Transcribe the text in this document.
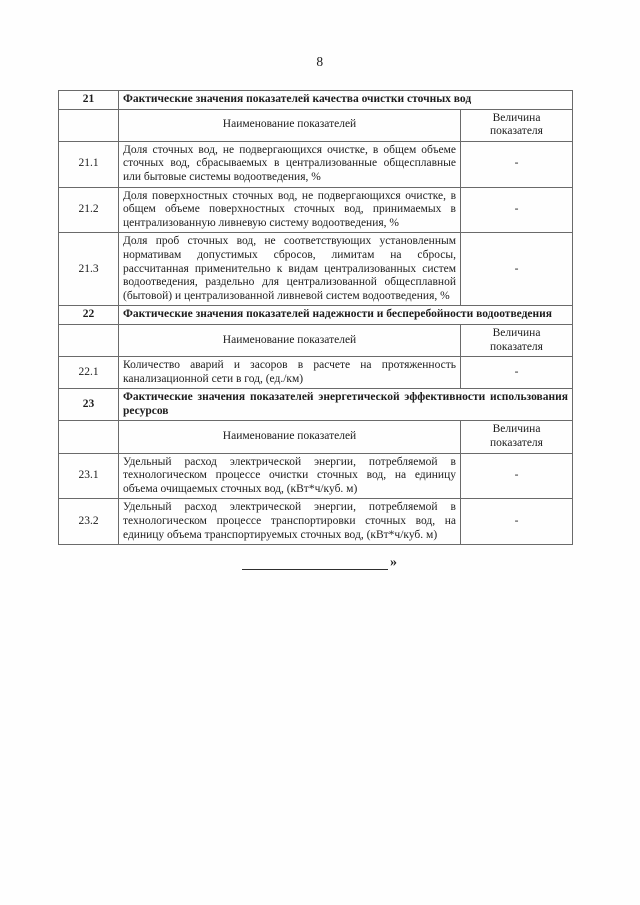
8
21	Фактические значения показателей качества очистки сточных вод	
	Наименование показателей	Величина показателя
21.1	Доля сточных вод, не подвергающихся очистке, в общем объеме сточных вод, сбрасываемых в централизованные общесплавные или бытовые системы водоотведения, %	-
21.2	Доля поверхностных сточных вод, не подвергающихся очистке, в общем объеме поверхностных сточных вод, принимаемых в централизованную ливневую систему водоотведения, %	-
21.3	Доля проб сточных вод, не соответствующих установленным нормативам допустимых сбросов, лимитам на сбросы, рассчитанная применительно к видам централизованных систем водоотведения, раздельно для централизованной общесплавной (бытовой) и централизованной ливневой систем водоотведения, %	-
22	Фактические значения показателей надежности и бесперебойности водоотведения	
	Наименование показателей	Величина показателя
22.1	Количество аварий и засоров в расчете на протяженность канализационной сети в год, (ед./км)	-
23	Фактические значения показателей энергетической эффективности использования ресурсов	
	Наименование показателей	Величина показателя
23.1	Удельный расход электрической энергии, потребляемой в технологическом процессе очистки сточных вод, на единицу объема очищаемых сточных вод, (кВт*ч/куб. м)	-
23.2	Удельный расход электрической энергии, потребляемой в технологическом процессе транспортировки сточных вод, на единицу объема транспортируемых сточных вод, (кВт*ч/куб. м)	-
»
